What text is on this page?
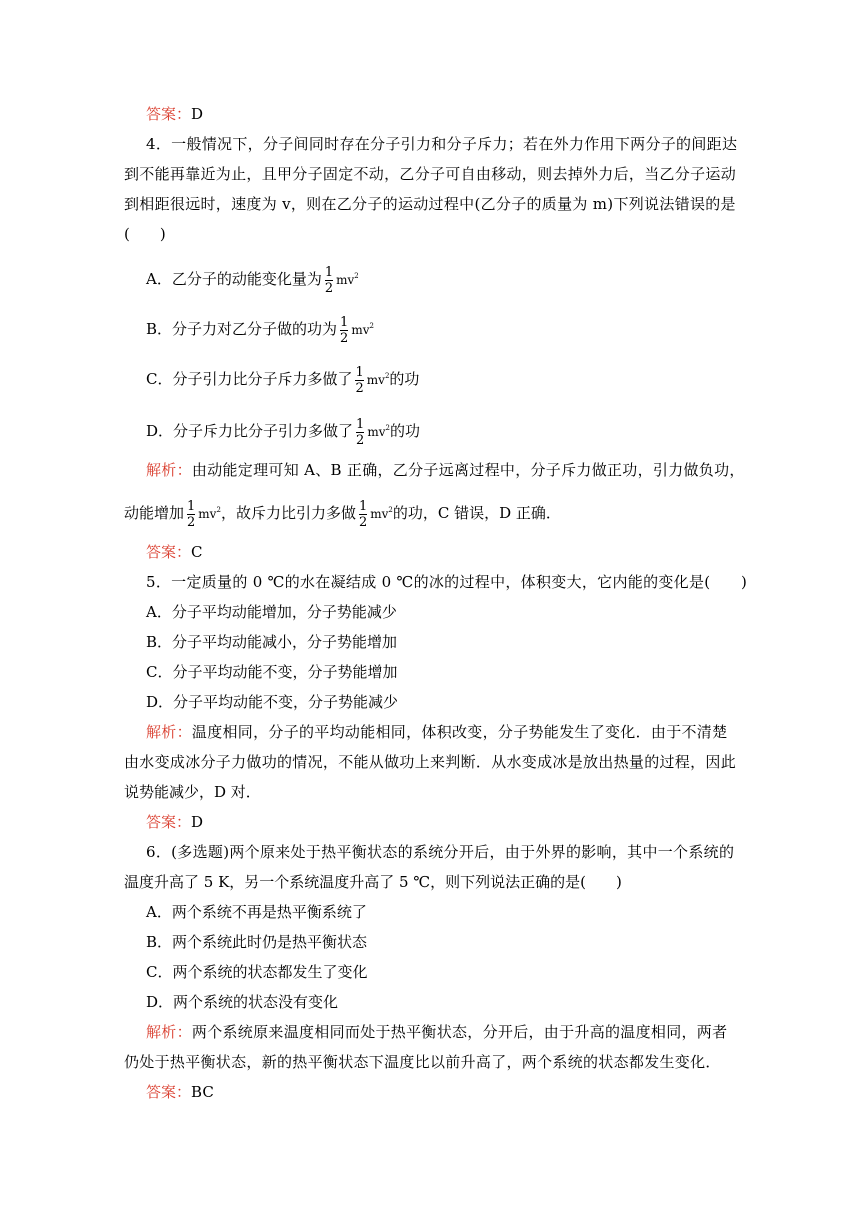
答案：D
4．一般情况下，分子间同时存在分子引力和分子斥力；若在外力作用下两分子的间距达
到不能再靠近为止，且甲分子固定不动，乙分子可自由移动，则去掉外力后，当乙分子运动
到相距很远时，速度为 v，则在乙分子的运动过程中(乙分子的质量为 m)下列说法错误的是
(　　)
A．乙分子的动能变化量为 $\frac{1}{2} mv^2$
B．分子力对乙分子做的功为 $\frac{1}{2} mv^2$
C．分子引力比分子斥力多做了 $\frac{1}{2} mv^2$的功
D．分子斥力比分子引力多做了 $\frac{1}{2} mv^2$的功
解析：由动能定理可知 A、B 正确，乙分子远离过程中，分子斥力做正功，引力做负功，
动能增加 $\frac{1}{2} mv^2$，故斥力比引力多做 $\frac{1}{2} mv^2$的功，C 错误，D 正确．
答案：C
5．一定质量的 0 ℃的水在凝结成 0 ℃的冰的过程中，体积变大，它内能的变化是(　　)
A．分子平均动能增加，分子势能减少
B．分子平均动能减小，分子势能增加
C．分子平均动能不变，分子势能增加
D．分子平均动能不变，分子势能减少
解析：温度相同，分子的平均动能相同，体积改变，分子势能发生了变化．由于不清楚
由水变成冰分子力做功的情况，不能从做功上来判断．从水变成冰是放出热量的过程，因此
说势能减少，D 对．
答案：D
6．(多选题)两个原来处于热平衡状态的系统分开后，由于外界的影响，其中一个系统的
温度升高了 5 K，另一个系统温度升高了 5 ℃，则下列说法正确的是(　　)
A．两个系统不再是热平衡系统了
B．两个系统此时仍是热平衡状态
C．两个系统的状态都发生了变化
D．两个系统的状态没有变化
解析：两个系统原来温度相同而处于热平衡状态，分开后，由于升高的温度相同，两者
仍处于热平衡状态，新的热平衡状态下温度比以前升高了，两个系统的状态都发生变化．
答案：BC
